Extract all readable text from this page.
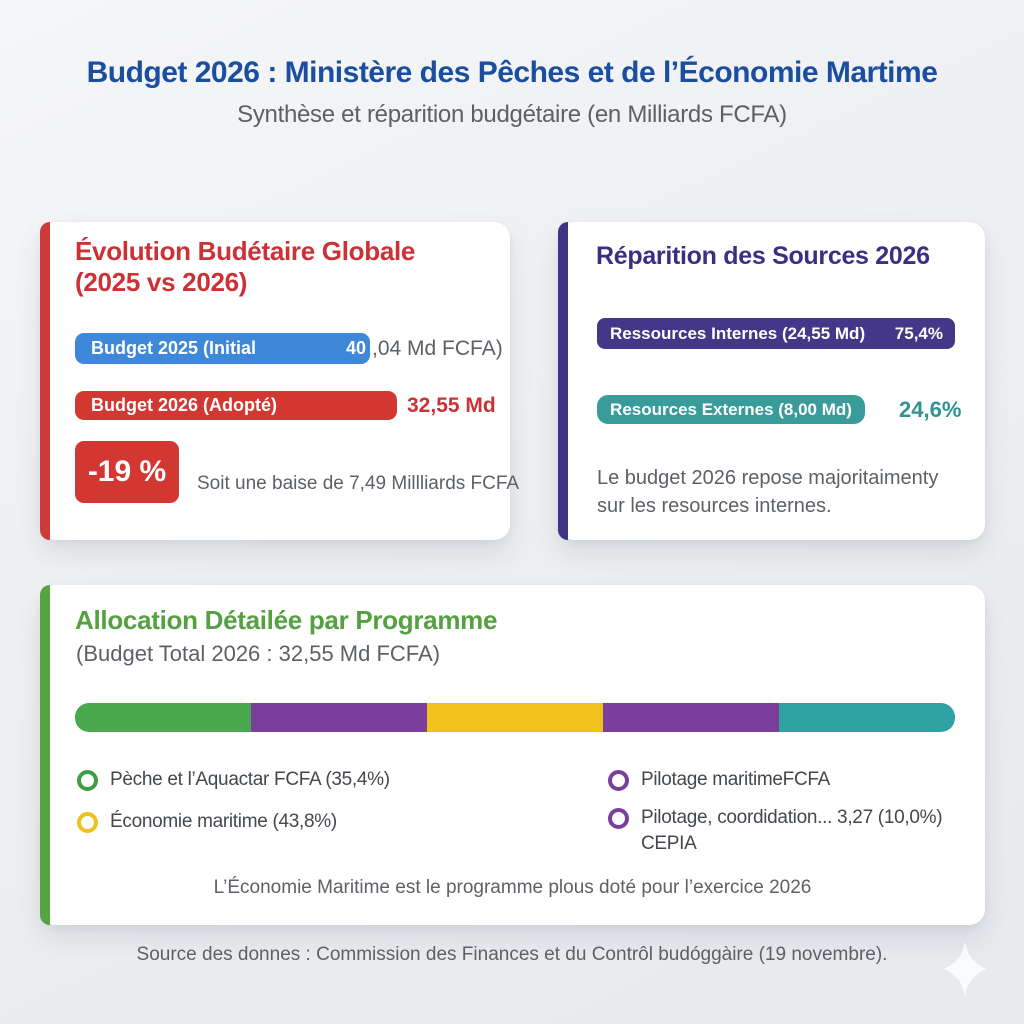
Budget 2026 : Ministère des Pêches et de l’Économie Martime
Synthèse et réparition budgétaire (en Milliards FCFA)
Évolution Budétaire Globale
(2025 vs 2026)
Budget 2025 (Initial	40 ,04 Md FCFA)
Budget 2026 (Adopté)	32,55 Md
-19 %	Soit une baise de 7,49 Millliards FCFA
Réparition des Sources 2026
Ressources Internes (24,55 Md) 75,4%
Resources Externes (8,00 Md) 24,6%
Le budget 2026 repose majoritaimenty
sur les resources internes.
Allocation Détailée par Programme
(Budget Total 2026 : 32,55 Md FCFA)
Pèche et l’Aquactar FCFA (35,4%)
Économie maritime (43,8%)
Pilotage maritimeFCFA
Pilotage, coordidation... 3,27 (10,0%)
CEPIA
L’Économie Maritime est le programme plous doté pour l’exercice 2026
Source des donnes : Commission des Finances et du Contrôl budóggàire (19 novembre).
